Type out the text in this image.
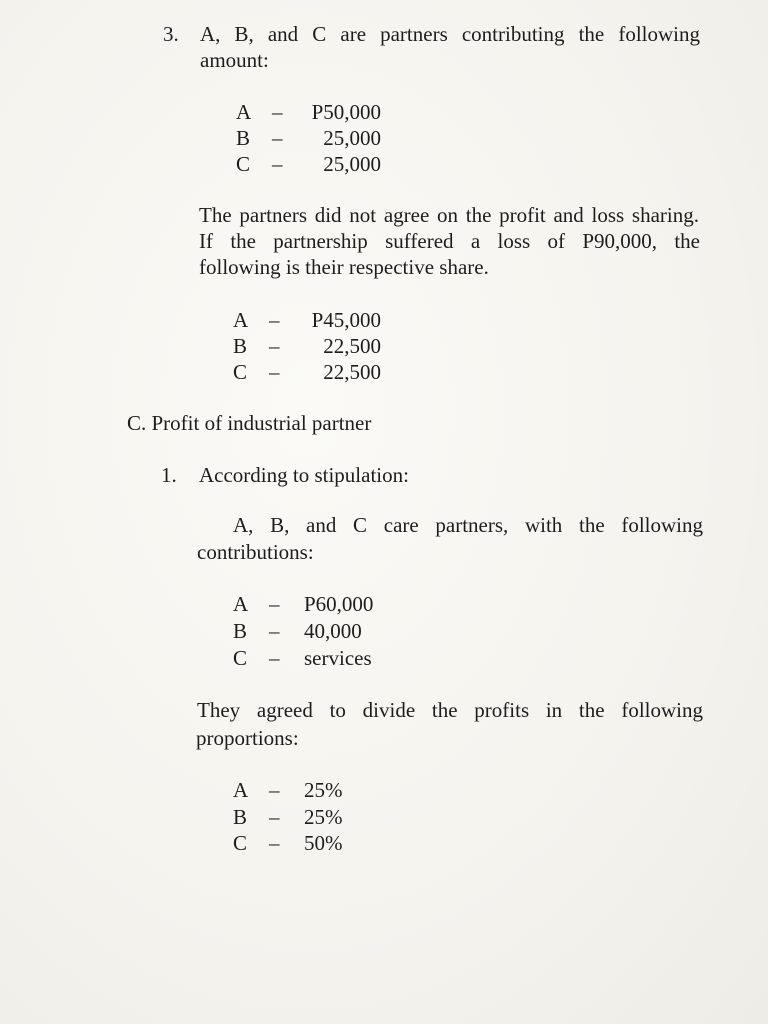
3. A, B, and C are partners contributing the following
amount:
A –	P50,000
B –	25,000
C –	25,000
The partners did not agree on the profit and loss sharing.
If the partnership suffered a loss of P90,000, the
following is their respective share.
A –	P45,000
B –	22,500
C –	22,500
C. Profit of industrial partner
1. According to stipulation:
A, B, and C care partners, with the following
contributions:
A – P60,000
B – 40,000
C – services
They agreed to divide the profits in the following
proportions:
A – 25%
B – 25%
C – 50%
